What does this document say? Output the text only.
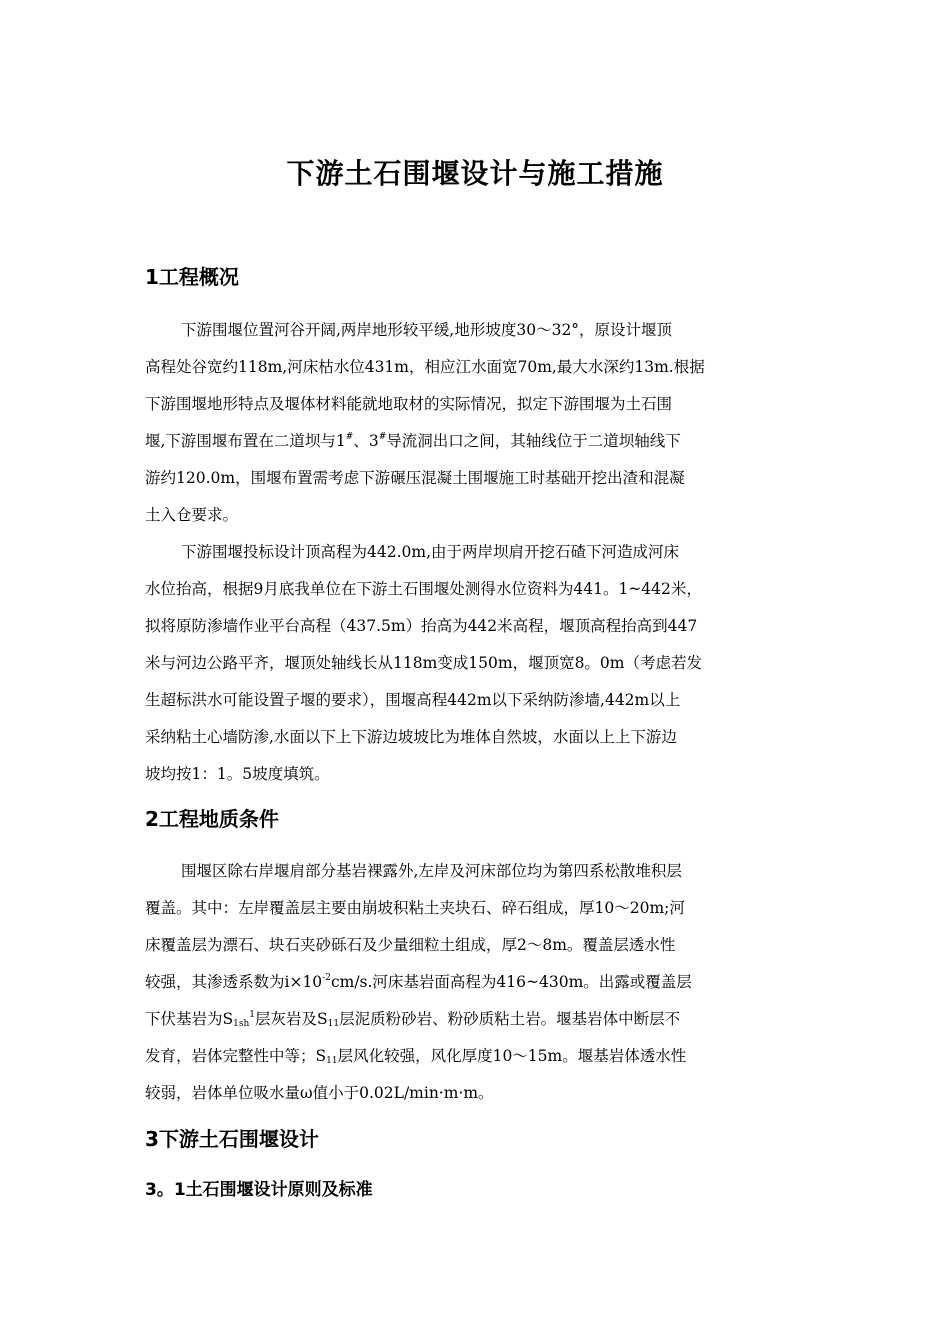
下游土石围堰设计与施工措施
1工程概况
下游围堰位置河谷开阔,两岸地形较平缓,地形坡度30～32°，原设计堰顶
高程处谷宽约118m,河床枯水位431m，相应江水面宽70m,最大水深约13m.根据
下游围堰地形特点及堰体材料能就地取材的实际情况，拟定下游围堰为土石围
堰,下游围堰布置在二道坝与1#、3#导流洞出口之间，其轴线位于二道坝轴线下
游约120.0m，围堰布置需考虑下游碾压混凝土围堰施工时基础开挖出渣和混凝
土入仓要求。
下游围堰投标设计顶高程为442.0m,由于两岸坝肩开挖石碴下河造成河床
水位抬高，根据9月底我单位在下游土石围堰处测得水位资料为441。1~442米，
拟将原防渗墙作业平台高程（437.5m）抬高为442米高程，堰顶高程抬高到447
米与河边公路平齐，堰顶处轴线长从118m变成150m，堰顶宽8。0m（考虑若发
生超标洪水可能设置子堰的要求），围堰高程442m以下采纳防渗墙,442m以上
采纳粘土心墙防渗,水面以下上下游边坡坡比为堆体自然坡，水面以上上下游边
坡均按1：1。5坡度填筑。
2工程地质条件
围堰区除右岸堰肩部分基岩裸露外,左岸及河床部位均为第四系松散堆积层
覆盖。其中：左岸覆盖层主要由崩坡积粘土夹块石、碎石组成，厚10～20m;河
床覆盖层为漂石、块石夹砂砾石及少量细粒土组成，厚2～8m。覆盖层透水性
较强，其渗透系数为$i\times 10^{-2}cm/s$.河床基岩面高程为416~430m。出露或覆盖层
下伏基岩为$S_{1sh}^1$层灰岩及$S_{11}$层泥质粉砂岩、粉砂质粘土岩。堰基岩体中断层不
发育，岩体完整性中等；$S_{11}$层风化较强，风化厚度10～15m。堰基岩体透水性
较弱，岩体单位吸水量ω值小于0.02L/min·m·m。
3下游土石围堰设计
3。1土石围堰设计原则及标准
